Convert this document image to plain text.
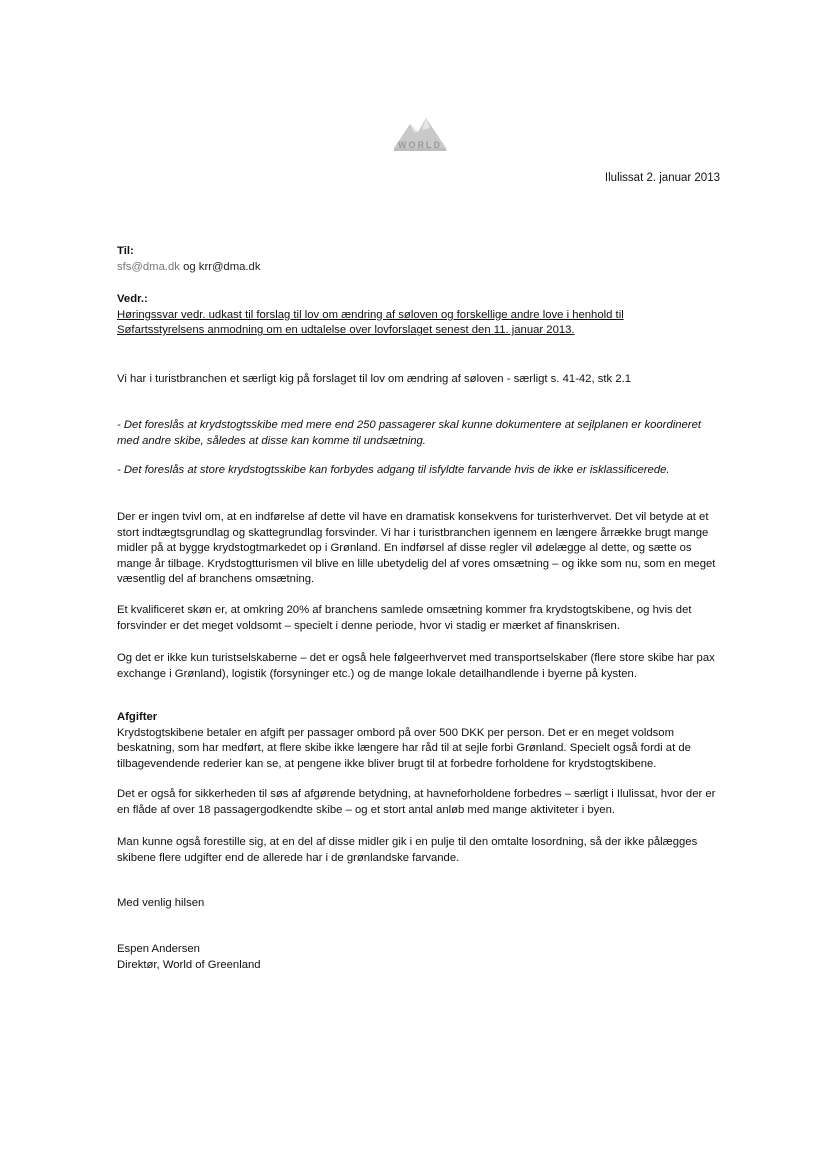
WORLD
Ilulissat 2. januar 2013

Til:

sfs@dma.dk og krr@dma.dk

Vedr.:

Høringssvar vedr. udkast til forslag til lov om ændring af søloven og forskellige andre love i henhold til

Søfartsstyrelsens anmodning om en udtalelse over lovforslaget senest den 11. januar 2013.

Vi har i turistbranchen et særligt kig på forslaget til lov om ændring af søloven - særligt s. 41-42, stk 2.1

- Det foreslås at krydstogtsskibe med mere end 250 passagerer skal kunne dokumentere at sejlplanen er koordineret med andre skibe, således at disse kan komme til undsætning.

- Det foreslås at store krydstogtsskibe kan forbydes adgang til isfyldte farvande hvis de ikke er isklassificerede.

Der er ingen tvivl om, at en indførelse af dette vil have en dramatisk konsekvens for turisterhvervet. Det vil betyde at et stort indtægtsgrundlag og skattegrundlag forsvinder. Vi har i turistbranchen igennem en længere årrække brugt mange midler på at bygge krydstogtmarkedet op i Grønland. En indførsel af disse regler vil ødelægge al dette, og sætte os mange år tilbage. Krydstogtturismen vil blive en lille ubetydelig del af vores omsætning – og ikke som nu, som en meget væsentlig del af branchens omsætning.

Et kvalificeret skøn er, at omkring 20% af branchens samlede omsætning kommer fra krydstogtskibene, og hvis det forsvinder er det meget voldsomt – specielt i denne periode, hvor vi stadig er mærket af finanskrisen.

Og det er ikke kun turistselskaberne – det er også hele følgeerhvervet med transportselskaber (flere store skibe har pax exchange i Grønland), logistik (forsyninger etc.) og de mange lokale detailhandlende i byerne på kysten.

Afgifter

Krydstogtskibene betaler en afgift per passager ombord på over 500 DKK per person. Det er en meget voldsom beskatning, som har medført, at flere skibe ikke længere har råd til at sejle forbi Grønland. Specielt også fordi at de tilbagevendende rederier kan se, at pengene ikke bliver brugt til at forbedre forholdene for krydstogtskibene.

Det er også for sikkerheden til søs af afgørende betydning, at havneforholdene forbedres – særligt i Ilulissat, hvor der er en flåde af over 18 passagergodkendte skibe – og et stort antal anløb med mange aktiviteter i byen.

Man kunne også forestille sig, at en del af disse midler gik i en pulje til den omtalte losordning, så der ikke pålægges skibene flere udgifter end de allerede har i de grønlandske farvande.

Med venlig hilsen

Espen Andersen

Direktør, World of Greenland
